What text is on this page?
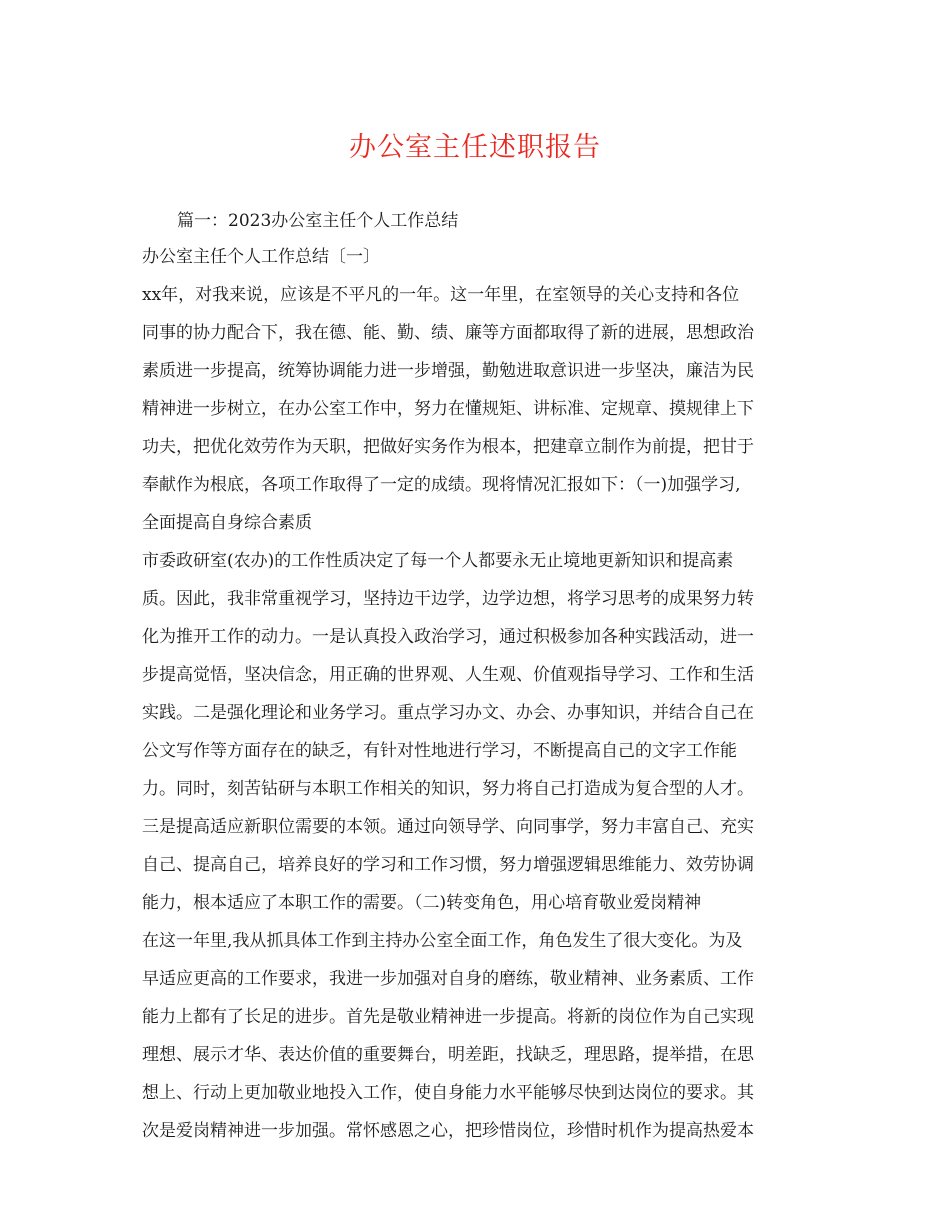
办公室主任述职报告
篇一：2023办公室主任个人工作总结
办公室主任个人工作总结〔一〕
xx年，对我来说，应该是不平凡的一年。这一年里，在室领导的关心支持和各位
同事的协力配合下，我在德、能、勤、绩、廉等方面都取得了新的进展，思想政治
素质进一步提高，统筹协调能力进一步增强，勤勉进取意识进一步坚决，廉洁为民
精神进一步树立，在办公室工作中，努力在懂规矩、讲标准、定规章、摸规律上下
功夫，把优化效劳作为天职，把做好实务作为根本，把建章立制作为前提，把甘于
奉献作为根底，各项工作取得了一定的成绩。现将情况汇报如下：（一)加强学习,
全面提高自身综合素质
市委政研室(农办)的工作性质决定了每一个人都要永无止境地更新知识和提高素
质。因此，我非常重视学习，坚持边干边学，边学边想，将学习思考的成果努力转
化为推开工作的动力。一是认真投入政治学习，通过积极参加各种实践活动，进一
步提高觉悟，坚决信念，用正确的世界观、人生观、价值观指导学习、工作和生活
实践。二是强化理论和业务学习。重点学习办文、办会、办事知识，并结合自己在
公文写作等方面存在的缺乏，有针对性地进行学习，不断提高自己的文字工作能
力。同时，刻苦钻研与本职工作相关的知识，努力将自己打造成为复合型的人才。
三是提高适应新职位需要的本领。通过向领导学、向同事学，努力丰富自己、充实
自己、提高自己，培养良好的学习和工作习惯，努力增强逻辑思维能力、效劳协调
能力，根本适应了本职工作的需要。（二)转变角色，用心培育敬业爱岗精神
在这一年里,我从抓具体工作到主持办公室全面工作，角色发生了很大变化。为及
早适应更高的工作要求，我进一步加强对自身的磨练，敬业精神、业务素质、工作
能力上都有了长足的进步。首先是敬业精神进一步提高。将新的岗位作为自己实现
理想、展示才华、表达价值的重要舞台，明差距，找缺乏，理思路，提举措，在思
想上、行动上更加敬业地投入工作，使自身能力水平能够尽快到达岗位的要求。其
次是爱岗精神进一步加强。常怀感恩之心，把珍惜岗位，珍惜时机作为提高热爱本
